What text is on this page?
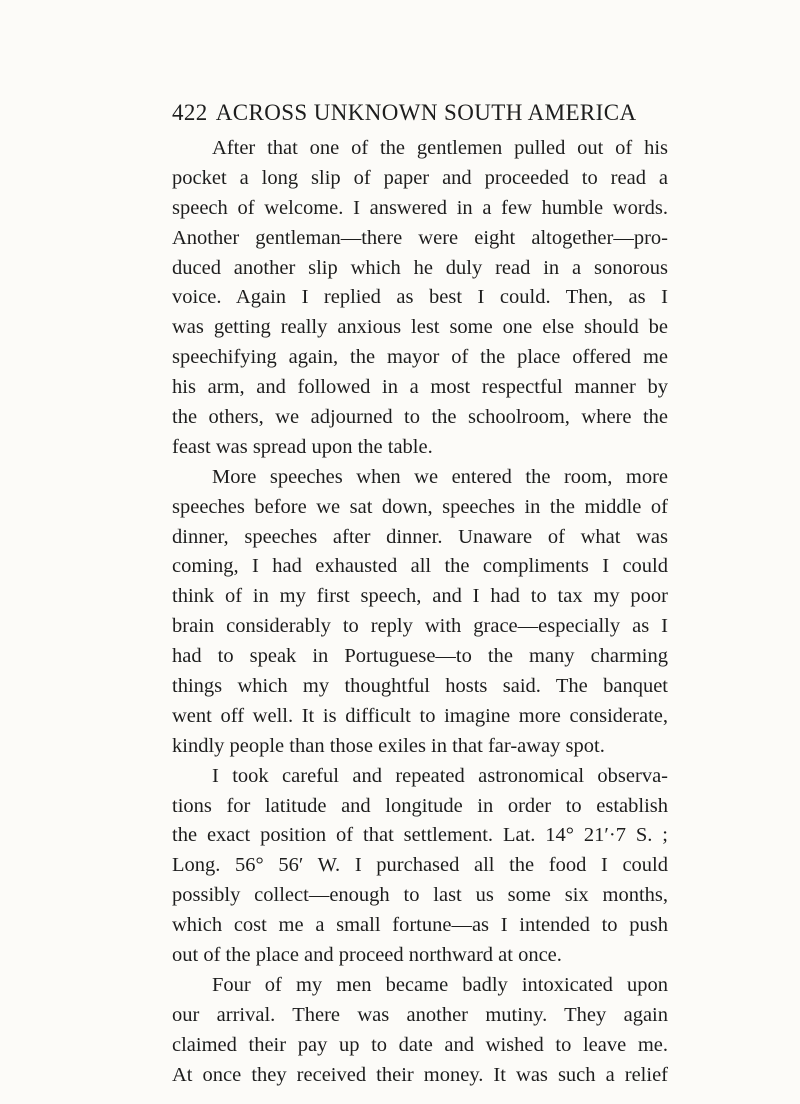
422 ACROSS UNKNOWN SOUTH AMERICA
After that one of the gentlemen pulled out of his
pocket a long slip of paper and proceeded to read a
speech of welcome. I answered in a few humble words.
Another gentleman—there were eight altogether—pro-
duced another slip which he duly read in a sonorous
voice. Again I replied as best I could. Then, as I
was getting really anxious lest some one else should be
speechifying again, the mayor of the place offered me
his arm, and followed in a most respectful manner by
the others, we adjourned to the schoolroom, where the
feast was spread upon the table.
More speeches when we entered the room, more
speeches before we sat down, speeches in the middle of
dinner, speeches after dinner. Unaware of what was
coming, I had exhausted all the compliments I could
think of in my first speech, and I had to tax my poor
brain considerably to reply with grace—especially as I
had to speak in Portuguese—to the many charming
things which my thoughtful hosts said. The banquet
went off well. It is difficult to imagine more considerate,
kindly people than those exiles in that far-away spot.
I took careful and repeated astronomical observa-
tions for latitude and longitude in order to establish
the exact position of that settlement. Lat. 14° 21′·7 S. ;
Long. 56° 56′ W. I purchased all the food I could
possibly collect—enough to last us some six months,
which cost me a small fortune—as I intended to push
out of the place and proceed northward at once.
Four of my men became badly intoxicated upon
our arrival. There was another mutiny. They again
claimed their pay up to date and wished to leave me.
At once they received their money. It was such a relief
